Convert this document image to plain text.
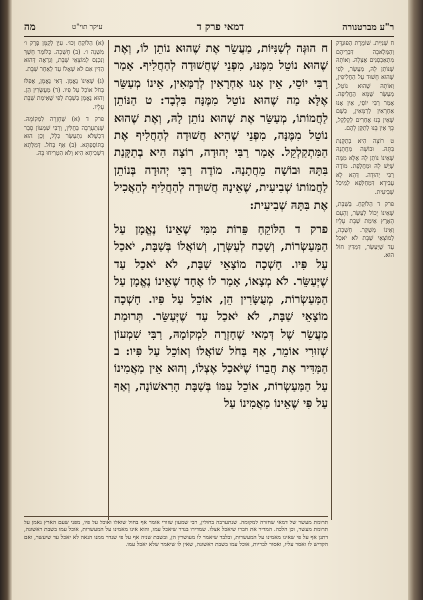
ר"ע מברטנורה
דמאי פרק ד
עיקר תוי"ט
מה

ח שֵׁנִיִּית. שׁוֹמֶרֶת הַפּוּנְדָּק וְהַמְּלַאכָה דִּבְרֵיהֶם מִתְאַכְסְנִים אֶצְלָהּ. וְאוֹתָהּ שֶׁנּוֹתֵן לָהּ, מַעֲשֵׂר, לְפִי שֶׁהוּא חָשׁוּד עַל הַחֲלִיפִין, וְאוֹתָהּ שֶׁהוּא נוֹטֵל, מְעַשֵּׂר שֶׁמָּא הֶחֱלִיפָה. אָמַר רַבִּי יוֹסֵי, אֵין אָנוּ אַחְרָאִין לְרַמָּאִין, כְּשֶׁם שֶׁאֵין בָּנוּ אֲחֵרִים לְקַלְקֵל, כָּךְ אֵין בָּנוּ לְתַקֵּן לָהֶם.

ט רוֹצָה הִיא בְתַקָּנַת בִּתָּהּ. וּבוֹשָׁה מֵחֲתָנָהּ שֶׁאֵינוֹ נוֹתֵן לָהּ אֶלָּא מִמֶּה שֶׁיֵּשׁ לָהּ וּמַחֲלֶפֶת. מוֹדֶה רַבִּי יְהוּדָה. דְּהָא לָא עֲבִידָא דִּמְחַלְּפָא לְמֵיכַל שְׁבִיעִית.

פרק ד הַלּוֹקֵחַ. בְּשַׁבָּת, שֶׁאֵינוֹ יָכוֹל לְעַשֵּׂר, וְהָעָם הָאָרֶץ אֵימַת שַׁבָּת עָלָיו וְאֵינוֹ מְשַׁקֵּר. חָשְׁכָה, לְמוֹצָאֵי שַׁבָּת לֹא יֹאכַל עַד שֶׁיְּעַשֵּׂר, דִּמְדִּין חוֹל הוּא.

ח הוּגְּה לְשַׁנִּיּוֹת, מַעֲשֵׂר אֶת שֶׁהוּא נוֹתֵן לוֹ, וְאֶת שֶׁהוּא נוֹטֵל מִמֶּנּוּ, מִפְּנֵי שֶׁחֲשׁוּדָה לְהַחֲלִיף. אָמַר רַבִּי יוֹסֵי, אֵין אָנוּ אַחְרָאִין לְרַמָּאִין, אֵינוֹ מְעַשֵּׂר אֶלָּא מַה שֶׁהוּא נוֹטֵל מִמֶּנָּה בִּלְבָד: ט הַנּוֹתֵן לַחֲמוֹתוֹ, מְעַשֵּׂר אֶת שֶׁהוּא נוֹתֵן לָהּ, וְאֶת שֶׁהוּא נוֹטֵל מִמֶּנָּה, מִפְּנֵי שֶׁהִיא חֲשׁוּדָה לְהַחֲלִיף אֶת הַמִּתְקַלְקֵל. אָמַר רַבִּי יְהוּדָה, רוֹצָה הִיא בְתַקָּנַת בִּתָּהּ וּבוֹשָׁה מֵחֲתָנָהּ. מוֹדֶה רַבִּי יְהוּדָה בְּנוֹתֵן לַחֲמוֹתוֹ שְׁבִיעִית, שֶׁאֵינָהּ חֲשׁוּדָה לְהַחֲלִיף לְהַאֲכִיל אֶת בִּתָּהּ שְׁבִיעִית:

פרק ד הַלּוֹקֵחַ פֵּרוֹת מִמִּי שֶׁאֵינוֹ נֶאֱמָן עַל הַמַּעַשְׂרוֹת, וְשָׁכַח לְעַשְּׂרָן, וְשׁוֹאֲלוֹ בְּשַׁבָּת, יֹאכַל עַל פִּיו. חָשְׁכָה מוֹצָאֵי שַׁבָּת, לֹא יֹאכַל עַד שֶׁיְּעַשֵּׂר. לֹא מְצָאוֹ, אָמַר לוֹ אֶחָד שֶׁאֵינוֹ נֶאֱמָן עַל הַמַּעַשְׂרוֹת, מְעֻשָּׂרִין הֵן, אוֹכֵל עַל פִּיו. חָשְׁכָה מוֹצָאֵי שַׁבָּת, לֹא יֹאכַל עַד שֶׁיְּעַשֵּׂר. תְּרוּמַת מַעֲשֵׂר שֶׁל דְּמַאי שֶׁחָזְרָה לִמְקוֹמָהּ, רַבִּי שִׁמְעוֹן שְׁזוּרִי אוֹמֵר, אַף בַּחֹל שׁוֹאֲלוֹ וְאוֹכֵל עַל פִּיו: ב הַמַּדִּיר אֶת חֲבֵרוֹ שֶׁיֹּאכַל אֶצְלוֹ, וְהוּא אֵין מַאֲמִינוֹ עַל הַמַּעַשְׂרוֹת, אוֹכֵל עִמּוֹ בְּשַׁבָּת הָרִאשׁוֹנָה, וְאַף עַל פִּי שֶׁאֵינוֹ מַאֲמִינוֹ עַל

(א) הַלּוֹקֵחַ וְכוּ׳. עִיֵּן לְקַמָּן פֶּרֶק ו׳ מִשְׁנָה ו׳. (ב) חָשְׁכָה. כְּלוֹמַר חָשַׁךְ וְנִכְנַס לְמוֹצָאֵי שַׁבָּת, וְנִרְאֶה דְּהוּא הַדִּין אִם לֹא שְׁאָלוֹ עַד לְאַחַר שַׁבָּת.

(ג) שֶׁאֵינוֹ נֶאֱמָן. דְּאִי נֶאֱמָן, אֲפִלּוּ בַּחֹל אוֹכֵל עַל פִּיו. (ד) מְעֻשָּׂרִין הֵן. וְהוּא נֶאֱמָן בְּשַׁבָּת לְפִי שֶׁאֵימַת שַׁבָּת עָלָיו.

פרק ד (א) שֶׁחָזְרָה לִמְקוֹמָהּ. שֶׁנִּתְעָרְבָה בַּחֻלִּין, וְרַבִּי שִׁמְעוֹן סָבַר דִּכְשֶׁלֹּא נִתְעַשֵּׂר כְּלָל, וְכֵן הוּא בַּתּוֹסֶפְתָּא. (ב) אַף בַּחֹל. דְּמִלְּתָא דִּשְׁכִיחָא הִיא וְלֹא הִטְרִיחוּ בָּהּ.

תרומת מעשר של דמאי שחזרה למקומה. שנתערבה בחולין, רבי שמעון שזורי אומר אף בחול שואלו ואוכל על פיו, מפני שעם הארץ נאמן על תרומת מעשר, וכן הלכה. המדיר את חברו שיאכל אצלו. שמדירו בנדר שיאכל עמו, והוא אינו מאמינו על המעשרות, אוכל עמו בשבת ראשונה, דתנן אף על פי שאינו מאמינו על המעשרות, ובלבד שיאמר לו מעושרין הן, ובשבת שניה אף על פי שנדר ממנו הנאה לא יאכל עד שיעשר, ואם הקדיש לו ואסר עליו, ואסור לבריות, אוכל עמו בשבת ראשונה, שאין לו שיאמר שלא יאכל עמו.
